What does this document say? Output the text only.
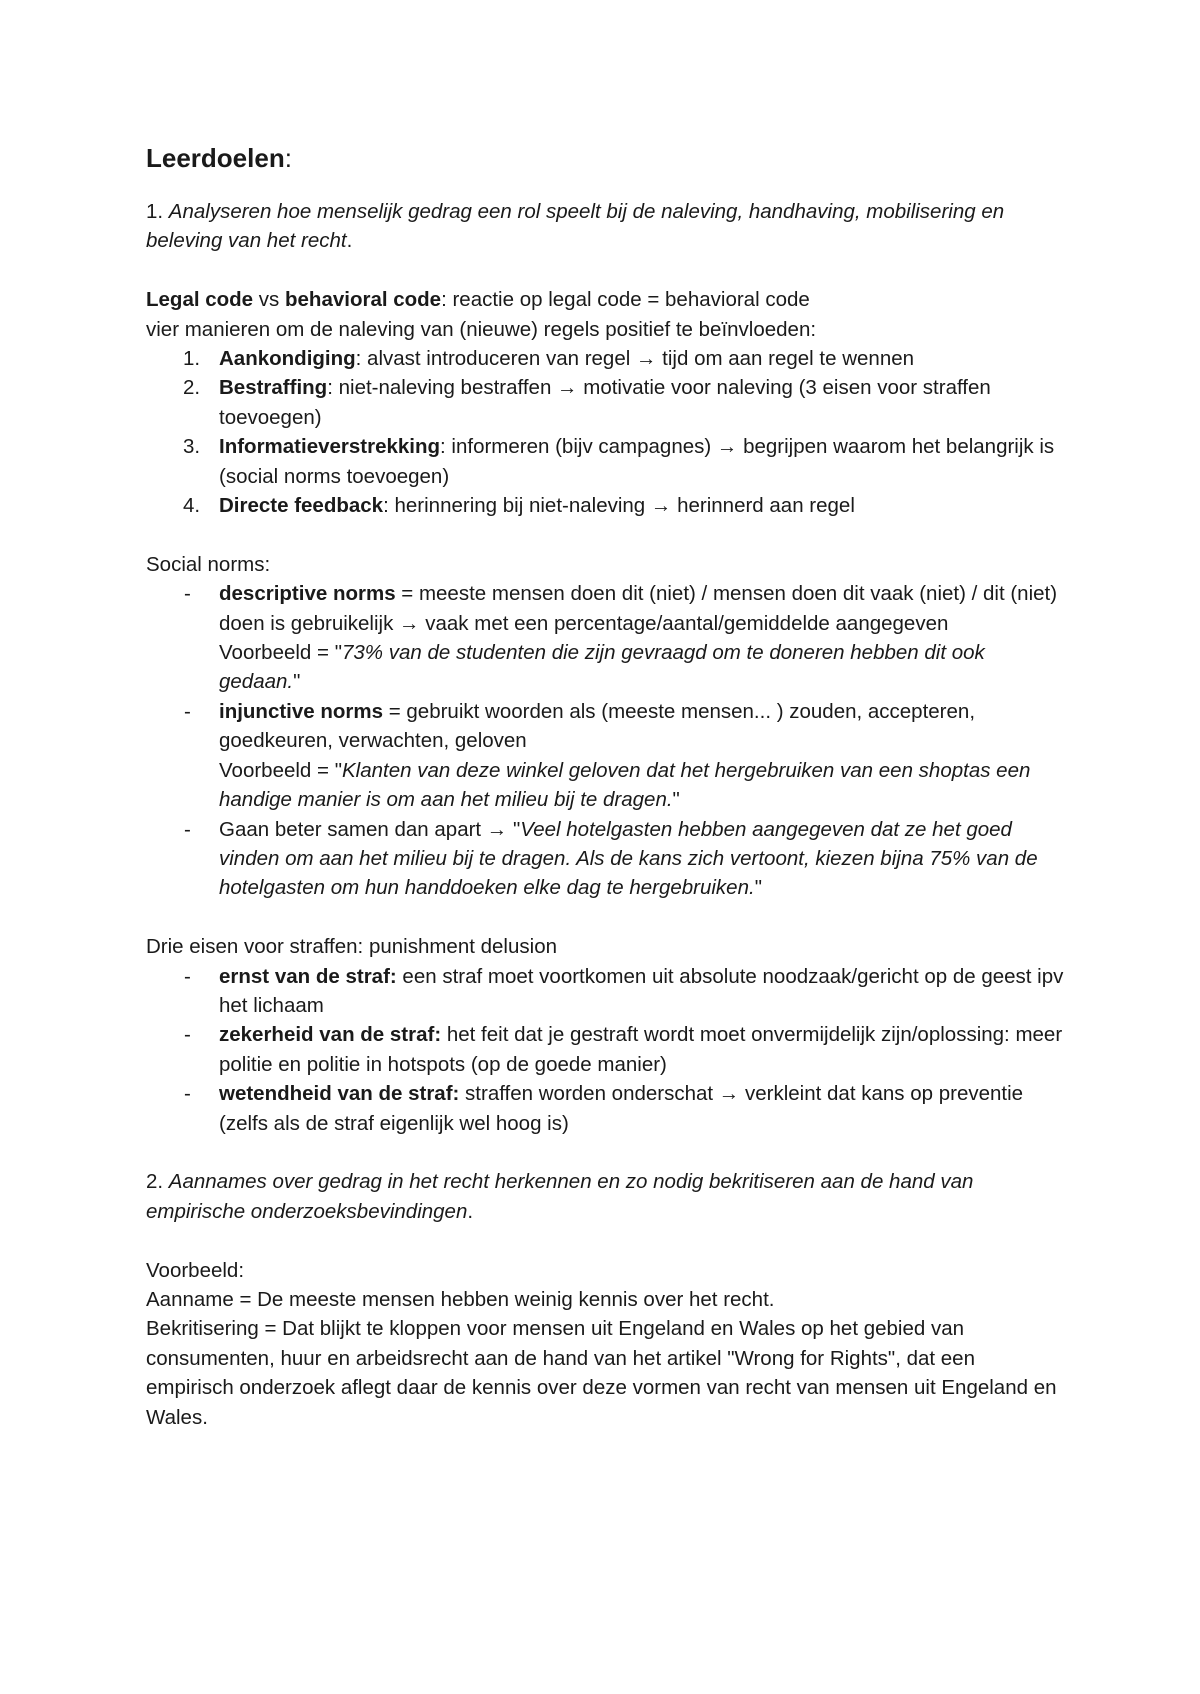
Leerdoelen:

1. Analyseren hoe menselijk gedrag een rol speelt bij de naleving, handhaving, mobilisering en beleving van het recht.

Legal code vs behavioral code: reactie op legal code = behavioral code

vier manieren om de naleving van (nieuwe) regels positief te beïnvloeden:

1. Aankondiging: alvast introduceren van regel → tijd om aan regel te wennen
2. Bestraffing: niet-naleving bestraffen → motivatie voor naleving (3 eisen voor straffen toevoegen)
3. Informatieverstrekking: informeren (bijv campagnes) → begrijpen waarom het belangrijk is (social norms toevoegen)
4. Directe feedback: herinnering bij niet-naleving → herinnerd aan regel

Social norms:

- descriptive norms = meeste mensen doen dit (niet) / mensen doen dit vaak (niet) / dit (niet) doen is gebruikelijk → vaak met een percentage/aantal/gemiddelde aangegeven
Voorbeeld = "73% van de studenten die zijn gevraagd om te doneren hebben dit ook gedaan."
- injunctive norms = gebruikt woorden als (meeste mensen... ) zouden, accepteren, goedkeuren, verwachten, geloven
Voorbeeld = "Klanten van deze winkel geloven dat het hergebruiken van een shoptas een handige manier is om aan het milieu bij te dragen."
- Gaan beter samen dan apart → "Veel hotelgasten hebben aangegeven dat ze het goed vinden om aan het milieu bij te dragen. Als de kans zich vertoont, kiezen bijna 75% van de hotelgasten om hun handdoeken elke dag te hergebruiken."

Drie eisen voor straffen: punishment delusion

- ernst van de straf: een straf moet voortkomen uit absolute noodzaak/gericht op de geest ipv het lichaam
- zekerheid van de straf: het feit dat je gestraft wordt moet onvermijdelijk zijn/oplossing: meer politie en politie in hotspots (op de goede manier)
- wetendheid van de straf: straffen worden onderschat → verkleint dat kans op preventie (zelfs als de straf eigenlijk wel hoog is)

2. Aannames over gedrag in het recht herkennen en zo nodig bekritiseren aan de hand van empirische onderzoeksbevindingen.

Voorbeeld:

Aanname = De meeste mensen hebben weinig kennis over het recht.

Bekritisering = Dat blijkt te kloppen voor mensen uit Engeland en Wales op het gebied van consumenten, huur en arbeidsrecht aan de hand van het artikel "Wrong for Rights", dat een empirisch onderzoek aflegt daar de kennis over deze vormen van recht van mensen uit Engeland en Wales.
